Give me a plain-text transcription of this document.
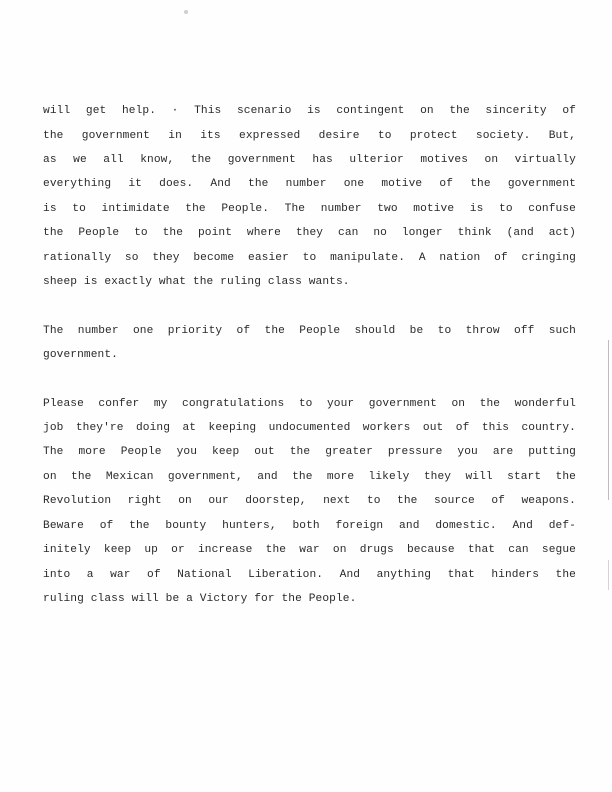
will get help. · This scenario is contingent on the sincerity of

the government in its expressed desire to protect society. But,

as we all know, the government has ulterior motives on virtually

everything it does. And the number one motive of the government

is to intimidate the People. The number two motive is to confuse

the People to the point where they can no longer think (and act)

rationally so they become easier to manipulate. A nation of cringing

sheep is exactly what the ruling class wants.

The number one priority of the People should be to throw off such

government.

Please confer my congratulations to your government on the wonderful

job they're doing at keeping undocumented workers out of this country.

The more People you keep out the greater pressure you are putting

on the Mexican government, and the more likely they will start the

Revolution right on our doorstep, next to the source of weapons.

Beware of the bounty hunters, both foreign and domestic. And def-

initely keep up or increase the war on drugs because that can segue

into a war of National Liberation. And anything that hinders the

ruling class will be a Victory for the People.
